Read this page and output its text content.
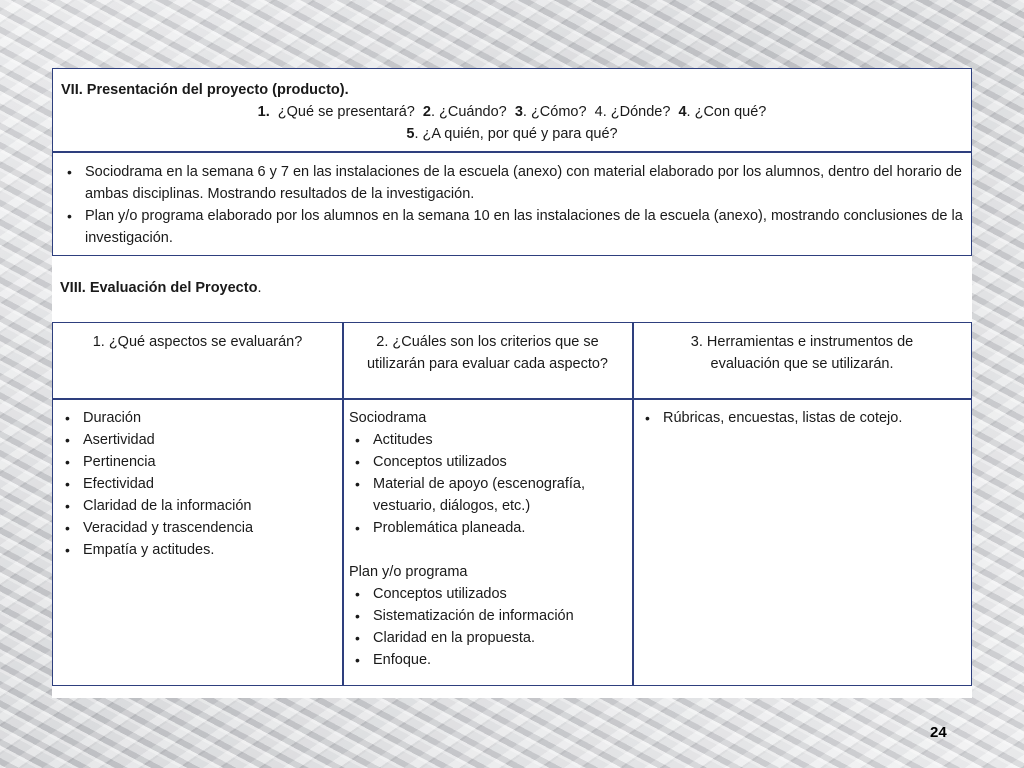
VII. Presentación del proyecto (producto).
1. ¿Qué se presentará? 2. ¿Cuándo? 3. ¿Cómo? 4. ¿Dónde? 4. ¿Con qué?
5. ¿A quién, por qué y para qué?
• Sociodrama en la semana 6 y 7 en las instalaciones de la escuela (anexo) con material elaborado por los alumnos, dentro del horario de ambas disciplinas. Mostrando resultados de la investigación.
• Plan y/o programa elaborado por los alumnos en la semana 10 en las instalaciones de la escuela (anexo), mostrando conclusiones de la investigación.
VIII. Evaluación del Proyecto.
1. ¿Qué aspectos se evaluarán?	2. ¿Cuáles son los criterios que se utilizarán para evaluar cada aspecto?
3. Herramientas e instrumentos de evaluación que se utilizarán.
• Duración
• Asertividad
• Pertinencia
• Efectividad
• Claridad de la información
• Veracidad y trascendencia
• Empatía y actitudes.
Sociodrama
• Actitudes
• Conceptos utilizados
• Material de apoyo (escenografía, vestuario, diálogos, etc.)
• Problemática planeada.
Plan y/o programa
• Conceptos utilizados
• Sistematización de información
• Claridad en la propuesta.
• Enfoque.
• Rúbricas, encuestas, listas de cotejo.
24
